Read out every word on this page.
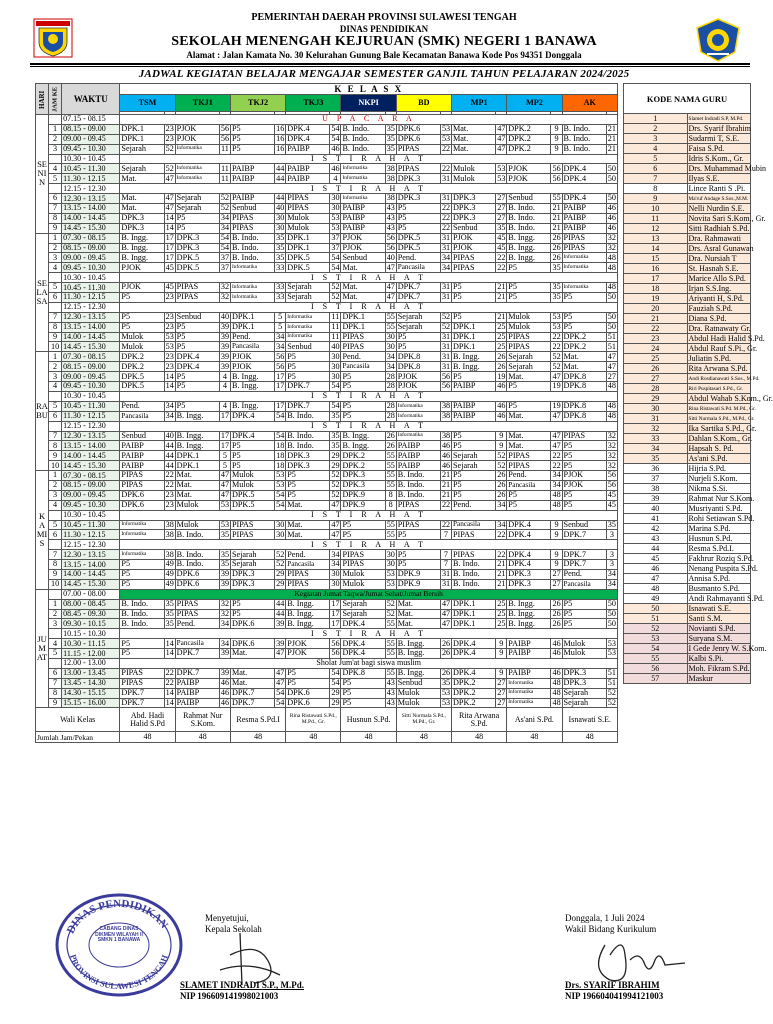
PEMERINTAH DAERAH PROVINSI SULAWESI TENGAH
DINAS PENDIDIKAN
SEKOLAH MENENGAH KEJURUAN (SMK) NEGERI 1 BANAWA
Alamat : Jalan Kamata No. 30 Kelurahan Gunung Bale Kecamatan Banawa Kode Pos 94351 Donggala
JADWAL KEGIATAN BELAJAR MENGAJAR SEMESTER GANJIL TAHUN PELAJARAN 2024/2025
HARI	JAM KE	WAKTU	K E L A S X																	
			TSM		TKJ1		TKJ2		TKJ3		NKPI		BD		MP1		MP2		AK	

SENIN		07.15 - 08.15	U P A C A R A																	
	1	08.15 - 09.00	DPK.1	23	PJOK	56	P5	16	DPK.4	54	B. Indo.	35	DPK.6	53	Mat.	47	DPK.2	9	B. Indo.	21
	2	09.00 - 09.45	DPK.1	23	PJOK	56	P5	16	DPK.4	54	B. Indo.	35	DPK.6	53	Mat.	47	DPK.2	9	B. Indo.	21
	3	09.45 - 10.30	Sejarah	52	Informatika	11	P5	16	PAIBP	46	B. Indo.	35	PIPAS	22	Mat.	47	DPK.2	9	B. Indo.	21
		10.30 - 10.45	I S T I R A H A T																	
	4	10.45 - 11.30	Sejarah	52	Informatika	11	PAIBP	44	PAIBP	46	Informatika	38	PIPAS	22	Mulok	53	PJOK	56	DPK.4	50
	5	11.30 - 12.15	Mat.	47	Informatika	11	PAIBP	44	PAIBP	4	Informatika	38	DPK.3	31	Mulok	53	PJOK	56	DPK.4	50
		12.15 - 12.30	I S T I R A H A T																	
	6	12.30 - 13.15	Mat.	47	Sejarah	52	PAIBP	44	PIPAS	30	Informatika	38	DPK.3	31	DPK.3	27	Senbud	55	DPK.4	50
	7	13.15 - 14.00	Mat.	47	Sejarah	52	Senbud	40	PIPAS	30	PAIBP	43	P5	22	DPK.3	27	B. Indo.	21	PAIBP	46
	8	14.00 - 14.45	DPK.3	14	P5	34	PIPAS	30	Mulok	53	PAIBP	43	P5	22	DPK.3	27	B. Indo.	21	PAIBP	46
	9	14.45 - 15.30	DPK.3	14	P5	34	PIPAS	30	Mulok	53	PAIBP	43	P5	22	Senbud	35	B. Indo.	21	PAIBP	46
SELASA	1	07.30 - 08.15	B. Ingg.	17	DPK.3	54	B. Indo.	35	DPK.1	37	PJOK	56	DPK.5	31	PJOK	45	B. Ingg.	26	PIPAS	32
	2	08.15 - 09.00	B. Ingg.	17	DPK.3	54	B. Indo.	35	DPK.1	37	PJOK	56	DPK.5	31	PJOK	45	B. Ingg.	26	PIPAS	32
	3	09.00 - 09.45	B. Ingg.	17	DPK.5	37	B. Indo.	35	DPK.5	54	Senbud	40	Pend.	34	PIPAS	22	B. Ingg.	26	Informatika	48
	4	09.45 - 10.30	PJOK	45	DPK.5	37	Informatika	33	DPK.5	54	Mat.	47	Pancasila	34	PIPAS	22	P5	35	Informatika	48
		10.30 - 10.45	I S T I R A H A T																	
	5	10.45 - 11.30	PJOK	45	PIPAS	32	Informatika	33	Sejarah	52	Mat.	47	DPK.7	31	P5	21	P5	35	Informatika	48
	6	11.30 - 12.15	P5	23	PIPAS	32	Informatika	33	Sejarah	52	Mat.	47	DPK.7	31	P5	21	P5	35	P5	50
		12.15 - 12.30	I S T I R A H A T																	
	7	12.30 - 13.15	P5	23	Senbud	40	DPK.1	5	Informatika	11	DPK.1	55	Sejarah	52	P5	21	Mulok	53	P5	50
	8	13.15 - 14.00	P5	23	P5	39	DPK.1	5	Informatika	11	DPK.1	55	Sejarah	52	DPK.1	25	Mulok	53	P5	50
	9	14.00 - 14.45	Mulok	53	P5	39	Pend.	34	Informatika	11	PIPAS	30	P5	31	DPK.1	25	PIPAS	22	DPK.2	51
	10	14.45 - 15.30	Mulok	53	P5	39	Pancasila	34	Senbud	40	PIPAS	30	P5	31	DPK.1	25	PIPAS	22	DPK.2	51
RABU	1	07.30 - 08.15	DPK.2	23	DPK.4	39	PJOK	56	P5	30	Pend.	34	DPK.8	31	B. Ingg.	26	Sejarah	52	Mat.	47
	2	08.15 - 09.00	DPK.2	23	DPK.4	39	PJOK	56	P5	30	Pancasila	34	DPK.8	31	B. Ingg.	26	Sejarah	52	Mat.	47
	3	09.00 - 09.45	DPK.5	14	P5	4	B. Ingg.	17	P5	30	P5	28	PJOK	56	P5	19	Mat.	47	DPK.8	27
	4	09.45 - 10.30	DPK.5	14	P5	4	B. Ingg.	17	DPK.7	54	P5	28	PJOK	56	PAIBP	46	P5	19	DPK.8	48
		10.30 - 10.45	I S T I R A H A T																	
	5	10.45 - 11.30	Pend.	34	P5	4	B. Ingg.	17	DPK.7	54	P5	28	Informatika	38	PAIBP	46	P5	19	DPK.8	48
	6	11.30 - 12.15	Pancasila	34	B. Ingg.	17	DPK.4	54	B. Indo.	35	P5	28	Informatika	38	PAIBP	46	Mat.	47	DPK.8	48
		12.15 - 12.30	I S T I R A H A T																	
	7	12.30 - 13.15	Senbud	40	B. Ingg.	17	DPK.4	54	B. Indo.	35	B. Ingg.	26	Informatika	38	P5	9	Mat.	47	PIPAS	32
	8	13.15 - 14.00	PAIBP	44	B. Ingg.	17	P5	18	B. Indo.	35	B. Ingg.	26	PAIBP	46	P5	9	Mat.	47	P5	32
	9	14.00 - 14.45	PAIBP	44	DPK.1	5	P5	18	DPK.3	29	DPK.2	55	PAIBP	46	Sejarah	52	PIPAS	22	P5	32
	10	14.45 - 15.30	PAIBP	44	DPK.1	5	P5	18	DPK.3	29	DPK.2	55	PAIBP	46	Sejarah	52	PIPAS	22	P5	32
KAMIS	1	07.30 - 08.15	PIPAS	22	Mat.	47	Mulok	53	P5	52	DPK.3	55	B. Indo.	21	P5	26	Pend.	34	PJOK	56
	2	08.15 - 09.00	PIPAS	22	Mat.	47	Mulok	53	P5	52	DPK.3	55	B. Indo.	21	P5	26	Pancasila	34	PJOK	56
	3	09.00 - 09.45	DPK.6	23	Mat.	47	DPK.5	54	P5	52	DPK.9	8	B. Indo.	21	P5	26	P5	48	P5	45
	4	09.45 - 10.30	DPK.6	23	Mulok	53	DPK.5	54	Mat.	47	DPK.9	8	PIPAS	22	Pend.	34	P5	48	P5	45
		10.30 - 10.45	I S T I R A H A T																	
	5	10.45 - 11.30	Informatika	38	Mulok	53	PIPAS	30	Mat.	47	P5	55	PIPAS	22	Pancasila	34	DPK.4	9	Senbud	35
	6	11.30 - 12.15	Informatika	38	B. Indo.	35	PIPAS	30	Mat.	47	P5	55	P5	7	PIPAS	22	DPK.4	9	DPK.7	3
		12.15 - 12.30	I S T I R A H A T																	
	7	12.30 - 13.15	Informatika	38	B. Indo.	35	Sejarah	52	Pend.	34	PIPAS	30	P5	7	PIPAS	22	DPK.4	9	DPK.7	3
	8	13.15 - 14.00	P5	49	B. Indo.	35	Sejarah	52	Pancasila	34	PIPAS	30	P5	7	B. Indo.	21	DPK.4	9	DPK.7	3
	9	14.00 - 14.45	P5	49	DPK.6	39	DPK.3	29	PIPAS	30	Mulok	53	DPK.9	31	B. Indo.	21	DPK.3	27	Pend.	34
	10	14.45 - 15.30	P5	49	DPK.6	39	DPK.3	29	PIPAS	30	Mulok	53	DPK.9	31	B. Indo.	21	DPK.3	27	Pancasila	34
JUMAT		07.00 - 08.00	Kegiatan Jumat Taqwa/Jumat Sehat/Jumat Bersih																	
	1	08.00 - 08.45	B. Indo.	35	PIPAS	32	P5	44	B. Ingg.	17	Sejarah	52	Mat.	47	DPK.1	25	B. Ingg.	26	P5	50
	2	08.45 - 09.30	B. Indo.	35	PIPAS	32	P5	44	B. Ingg.	17	Sejarah	52	Mat.	47	DPK.1	25	B. Ingg.	26	P5	50
	3	09.30 - 10.15	B. Indo.	35	Pend.	34	DPK.6	39	B. Ingg.	17	DPK.4	55	Mat.	47	DPK.1	25	B. Ingg.	26	P5	50
		10.15 - 10.30	I S T I R A H A T																	
	4	10.30 - 11.15	P5	14	Pancasila	34	DPK.6	39	PJOK	56	DPK.4	55	B. Ingg.	26	DPK.4	9	PAIBP	46	Mulok	53
	5	11.15 - 12.00	P5	14	DPK.7	39	Mat.	47	PJOK	56	DPK.4	55	B. Ingg.	26	DPK.4	9	PAIBP	46	Mulok	53
		12.00 - 13.00	Sholat Jum'at bagi siswa muslim																	
	6	13.00 - 13.45	PIPAS	22	DPK.7	39	Mat.	47	P5	54	DPK.8	55	B. Ingg.	26	DPK.4	9	PAIBP	46	DPK.3	51
	7	13.45 - 14.30	PIPAS	22	PAIBP	46	Mat.	47	P5	54	P5	43	Senbud	35	DPK.2	27	Informatika	48	DPK.3	51
	8	14.30 - 15.15	DPK.7	14	PAIBP	46	DPK.7	54	DPK.6	29	P5	43	Mulok	53	DPK.2	27	Informatika	48	Sejarah	52
	9	15.15 - 16.00	DPK.7	14	PAIBP	46	DPK.7	54	DPK.6	29	P5	43	Mulok	53	DPK.2	27	Informatika	48	Sejarah	52
Wali Kelas			Abd. Hadi Halid S.Pd		Rahmat Nur S.Kom.		Resma S.Pd.I		Rina Ristawati S.Pd., M.Pd., Gr.		Husnun S.Pd.		Sitti Nurmala S.Pd., M.Pd., Gr.		Rita Arwana S.Pd.		As'ani S.Pd.		Isnawati S.E.	
Jumlah Jam/Pekan			48		48		48		48		48		48		48		48		48	
KODE NAMA GURU	
1	Slamet Indradi S.P, M.Pd.
2	Drs. Syarif Ibrahim
3	Sudarmi T, S.E.
4	Faisa S.Pd.
5	Idris S.Kom., Gr.
6	Drs. Muhammad Mubin
7	Ilyas S.E.
8	Lince Ranti S .Pi.
9	Ma'ruf Andage S.Sos.,M.M.
10	Nelli Nurdin S.E.
11	Novita Sari S.Kom., Gr.
12	Sitti Radhiah S.Pd.
13	Dra. Rahmawati
14	Drs. Asral Gunawan
15	Dra. Nursiah T
16	St. Hasnah S.E.
17	Marice Allo S.Pd.
18	Irjan S.S.Ing.
19	Ariyanti H, S.Pd.
20	Fauziah S.Pd.
21	Diana S.Pd.
22	Dra. Ratnawaty Gr.
23	Abdul Hadi Halid S.Pd.
24	Abdul Rauf S.Pi., Gr.
25	Juliatin S.Pd.
26	Rita Arwana S.Pd.
27	Andi Rosdianawati S.Sos., M.Pd.
28	Riri Puspitasari S.Pd., Gr.
29	Abdul Wahab S.Kom., Gr.
30	Rina Ristawati S.Pd. M.Pd., Gr.
31	Sitti Nurmala S.Pd., M.Pd., Gr.
32	Ika Sartika S.Pd., Gr.
33	Dahlan S.Kom., Gr.
34	Hapsah S. Pd.
35	As'ani S.Pd.
36	Hijria S.Pd.
37	Nurjeli S.Kom.
38	Nikma S.Si.
39	Rahmat Nur S.Kom.
40	Musriyanti S.Pd.
41	Rohi Setiawan S.Pd.
42	Marina S.Pd.
43	Husnun S.Pd.
44	Resma S.Pd.I.
45	Fakhrur Roziq S.Pd.
46	Nenang Puspita S.Pd.
47	Annisa S.Pd.
48	Busmanto S.Pd.
49	Andi Rahmayanti S.Pd.
50	Isnawati S.E.
51	Santi S.M.
52	Novianti S.Pd.
53	Suryana S.M.
54	I Gede Jenry W. S.Kom.
55	Kalbi S.Pi.
56	Moh. Fikram S.Pd.
57	Maskur
DINAS PENDIDIKAN
PROVINSI SULAWESI TENGAH
CABANG DINAS DIKMEN WILAYAH II SMKN 1 BANAWA
Menyetujui,
Kepala Sekolah
SLAMET INDRADI S.P., M.Pd.
NIP 196609141998021003
Donggala, 1 Juli 2024
Wakil Bidang Kurikulum
Drs. SYARIF IBRAHIM
NIP 196604041994121003
